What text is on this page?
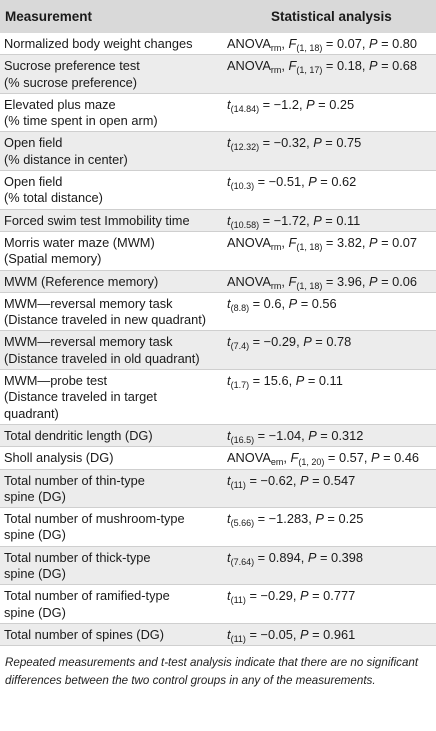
Measurement	Statistical analysis
Normalized body weight changes	$ANOVA_{rm}$, $F_{(1, 18)} = 0.07$, P = 0.80

Sucrose preference test
(% sucrose preference)	$ANOVA_{rm}$, $F_{(1, 17)} = 0.18$, P = 0.68

Elevated plus maze
(% time spent in open arm)	$t_{(14.84)} = -1.2$, P = 0.25

Open field
(% distance in center)	$t_{(12.32)} = -0.32$, P = 0.75

Open field
(% total distance)	$t_{(10.3)} = -0.51$, P = 0.62

Forced swim test Immobility time	$t_{(10.58)} = -1.72$, P = 0.11

Morris water maze (MWM)
(Spatial memory)	$ANOVA_{rm}$, $F_{(1, 18)} = 3.82$, P = 0.07

MWM (Reference memory)	$ANOVA_{rm}$, $F_{(1, 18)} = 3.96$, P = 0.06

MWM—reversal memory task
(Distance traveled in new quadrant)	$t_{(8.8)} = 0.6$, P = 0.56

MWM—reversal memory task
(Distance traveled in old quadrant)	$t_{(7.4)} = -0.29$, P = 0.78

MWM—probe test
(Distance traveled in target
quadrant)	$t_{(1.7)} = 15.6$, P = 0.11

Total dendritic length (DG)	$t_{(16.5)} = -1.04$, P = 0.312

Sholl analysis (DG)	$ANOVA_{em}$, $F_{(1, 20)} = 0.57$, P = 0.46

Total number of thin-type
spine (DG)	$t_{(11)} = -0.62$, P = 0.547

Total number of mushroom-type
spine (DG)	$t_{(5.66)} = -1.283$, P = 0.25

Total number of thick-type
spine (DG)	$t_{(7.64)} = 0.894$, P = 0.398

Total number of ramified-type
spine (DG)	$t_{(11)} = -0.29$, P = 0.777

Total number of spines (DG)	$t_{(11)} = -0.05$, P = 0.961
Repeated measurements and t-test analysis indicate that there are no significant differences between the two control groups in any of the measurements.
